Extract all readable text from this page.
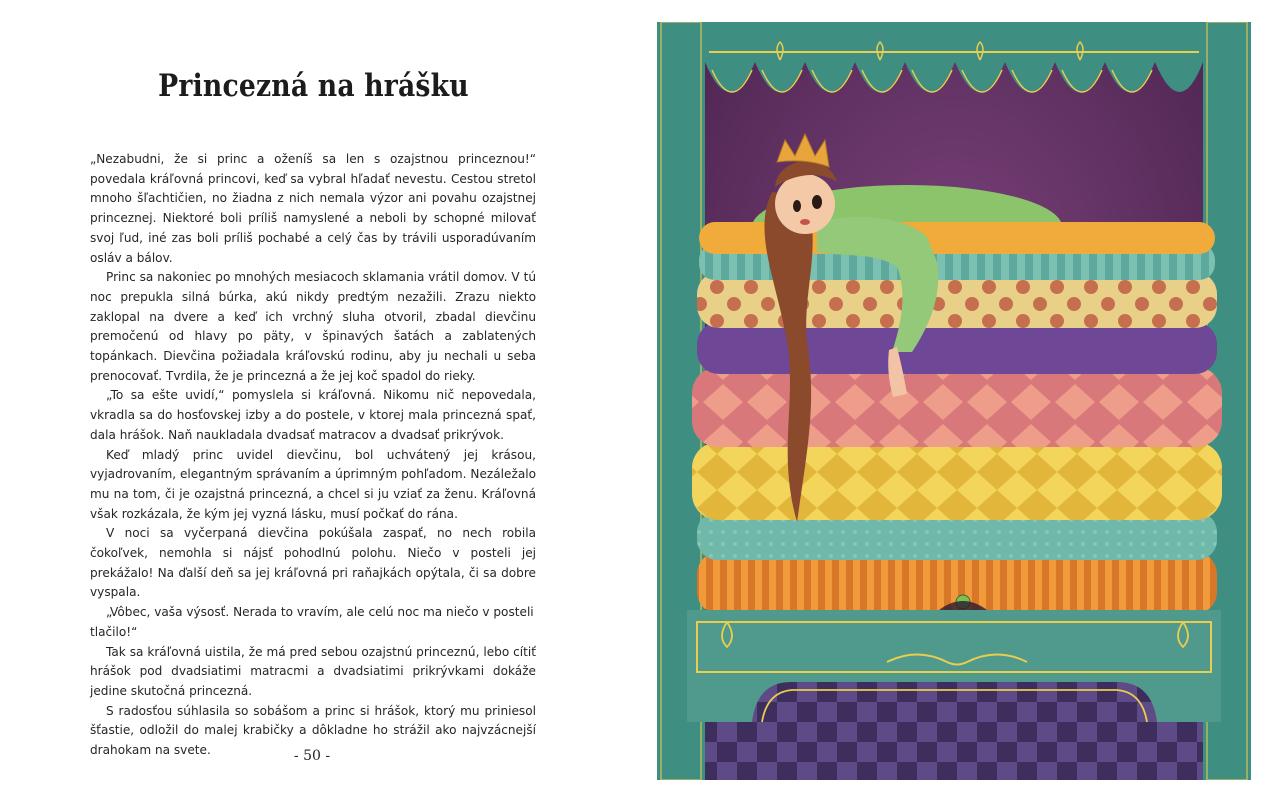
Princezná na hrášku

„Nezabudni, že si princ a oženíš sa len s ozajstnou princeznou!“ povedala kráľovná princovi, keď sa vybral hľadať nevestu. Cestou stretol mnoho šľachtičien, no žiadna z nich nemala výzor ani povahu ozajstnej princeznej. Niektoré boli príliš namyslené a neboli by schopné milovať svoj ľud, iné zas boli príliš pochabé a celý čas by trávili usporadúvaním osláv a bálov.

Princ sa nakoniec po mnohých mesiacoch sklamania vrátil domov. V tú noc prepukla silná búrka, akú nikdy predtým nezažili. Zrazu niekto zaklopal na dvere a keď ich vrchný sluha otvoril, zbadal dievčinu premočenú od hlavy po päty, v špinavých šatách a zablatených topánkach. Dievčina požiadala kráľovskú rodinu, aby ju nechali u seba prenocovať. Tvrdila, že je princezná a že jej koč spadol do rieky.

„To sa ešte uvidí,“ pomyslela si kráľovná. Nikomu nič nepovedala, vkradla sa do hosťovskej izby a do postele, v ktorej mala princezná spať, dala hrášok. Naň naukladala dvadsať matracov a dvadsať prikrývok.

Keď mladý princ uvidel dievčinu, bol uchvátený jej krásou, vyjadrovaním, elegantným správaním a úprimným pohľadom. Nezáležalo mu na tom, či je ozajstná princezná, a chcel si ju vziať za ženu. Kráľovná však rozkázala, že kým jej vyzná lásku, musí počkať do rána.

V noci sa vyčerpaná dievčina pokúšala zaspať, no nech robila čokoľvek, nemohla si nájsť pohodlnú polohu. Niečo v posteli jej prekážalo! Na ďalší deň sa jej kráľovná pri raňajkách opýtala, či sa dobre vyspala.

„Vôbec, vaša výsosť. Nerada to vravím, ale celú noc ma niečo v posteli tlačilo!“

Tak sa kráľovná uistila, že má pred sebou ozajstnú princeznú, lebo cítiť hrášok pod dvadsiatimi matracmi a dvadsiatimi prikrývkami dokáže jedine skutočná princezná.

S radosťou súhlasila so sobášom a princ si hrášok, ktorý mu priniesol šťastie, odložil do malej krabičky a dôkladne ho strážil ako najvzácnejší drahokam na svete.	- 50 -
